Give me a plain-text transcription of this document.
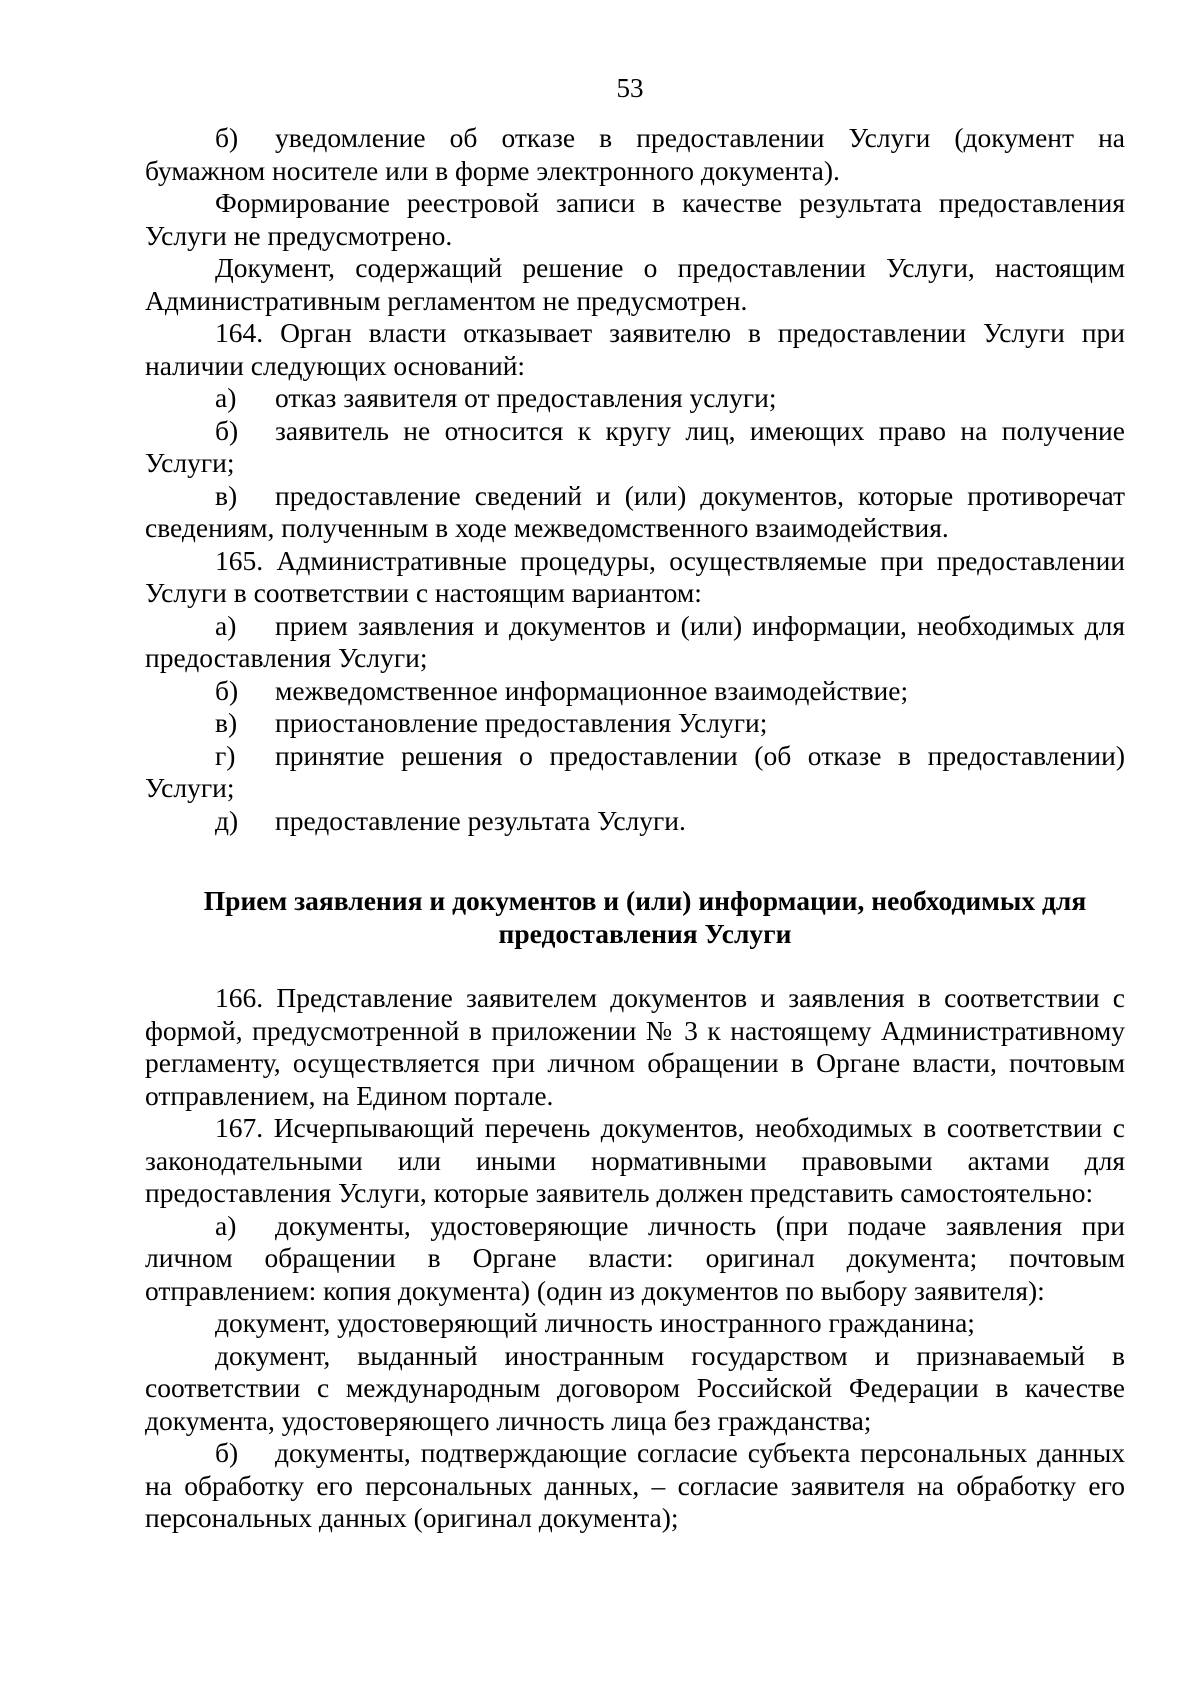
53

б) уведомление об отказе в предоставлении Услуги (документ на бумажном носителе или в форме электронного документа).

Формирование реестровой записи в качестве результата предоставления Услуги не предусмотрено.

Документ, содержащий решение о предоставлении Услуги, настоящим Административным регламентом не предусмотрен.

164. Орган власти отказывает заявителю в предоставлении Услуги при наличии следующих оснований:

а) отказ заявителя от предоставления услуги;

б) заявитель не относится к кругу лиц, имеющих право на получение Услуги;

в) предоставление сведений и (или) документов, которые противоречат сведениям, полученным в ходе межведомственного взаимодействия.

165. Административные процедуры, осуществляемые при предоставлении Услуги в соответствии с настоящим вариантом:

а) прием заявления и документов и (или) информации, необходимых для предоставления Услуги;

б) межведомственное информационное взаимодействие;

в) приостановление предоставления Услуги;

г) принятие решения о предоставлении (об отказе в предоставлении) Услуги;

д) предоставление результата Услуги.

Прием заявления и документов и (или) информации, необходимых для
предоставления Услуги

166. Представление заявителем документов и заявления в соответствии с формой, предусмотренной в приложении № 3 к настоящему Административному регламенту, осуществляется при личном обращении в Органе власти, почтовым отправлением, на Едином портале.

167. Исчерпывающий перечень документов, необходимых в соответствии с законодательными или иными нормативными правовыми актами для предоставления Услуги, которые заявитель должен представить самостоятельно:

а) документы, удостоверяющие личность (при подаче заявления при личном обращении в Органе власти: оригинал документа; почтовым отправлением: копия документа) (один из документов по выбору заявителя):

документ, удостоверяющий личность иностранного гражданина;

документ, выданный иностранным государством и признаваемый в соответствии с международным договором Российской Федерации в качестве документа, удостоверяющего личность лица без гражданства;

б) документы, подтверждающие согласие субъекта персональных данных на обработку его персональных данных, – согласие заявителя на обработку его персональных данных (оригинал документа);
